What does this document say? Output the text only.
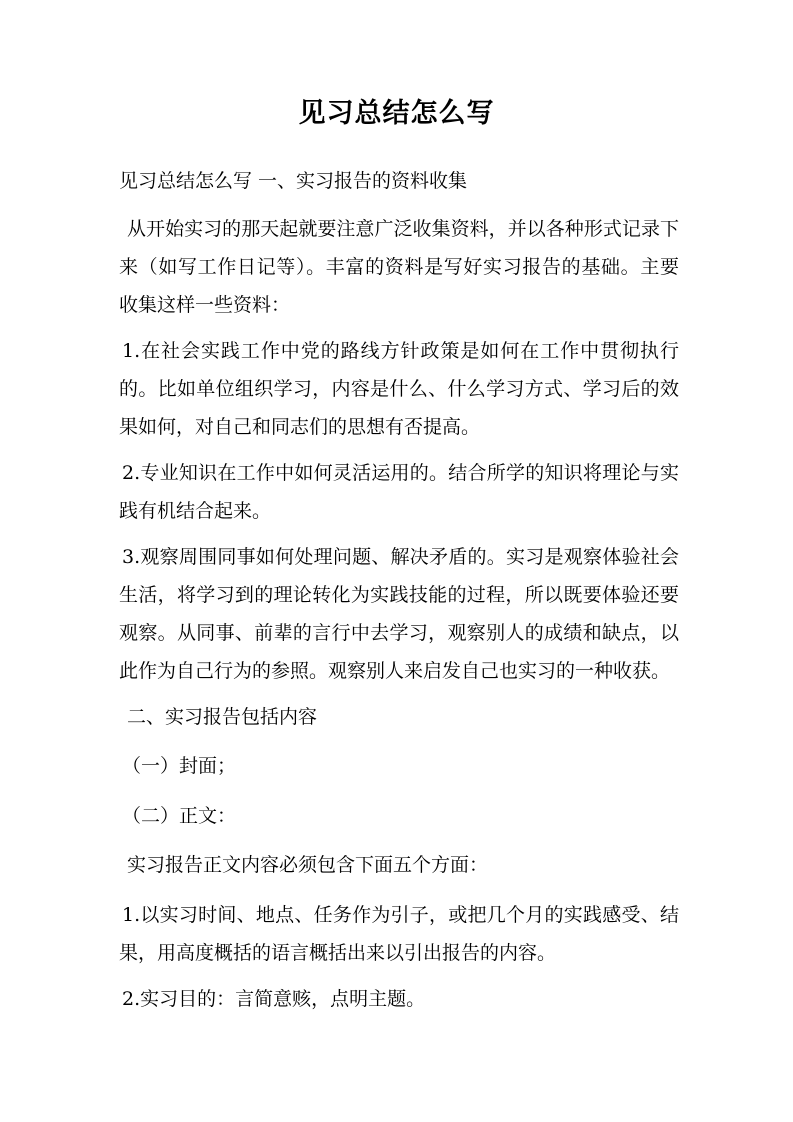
见习总结怎么写

见习总结怎么写 一、实习报告的资料收集

从开始实习的那天起就要注意广泛收集资料，并以各种形式记录下来（如写工作日记等）。丰富的资料是写好实习报告的基础。主要收集这样一些资料：

1.在社会实践工作中党的路线方针政策是如何在工作中贯彻执行的。比如单位组织学习，内容是什么、什么学习方式、学习后的效果如何，对自己和同志们的思想有否提高。

2.专业知识在工作中如何灵活运用的。结合所学的知识将理论与实践有机结合起来。

3.观察周围同事如何处理问题、解决矛盾的。实习是观察体验社会生活，将学习到的理论转化为实践技能的过程，所以既要体验还要观察。从同事、前辈的言行中去学习，观察别人的成绩和缺点，以此作为自己行为的参照。观察别人来启发自己也实习的一种收获。

二、实习报告包括内容

（一）封面；

（二）正文：

实习报告正文内容必须包含下面五个方面：

1.以实习时间、地点、任务作为引子，或把几个月的实践感受、结果，用高度概括的语言概括出来以引出报告的内容。

2.实习目的：言简意赅，点明主题。
